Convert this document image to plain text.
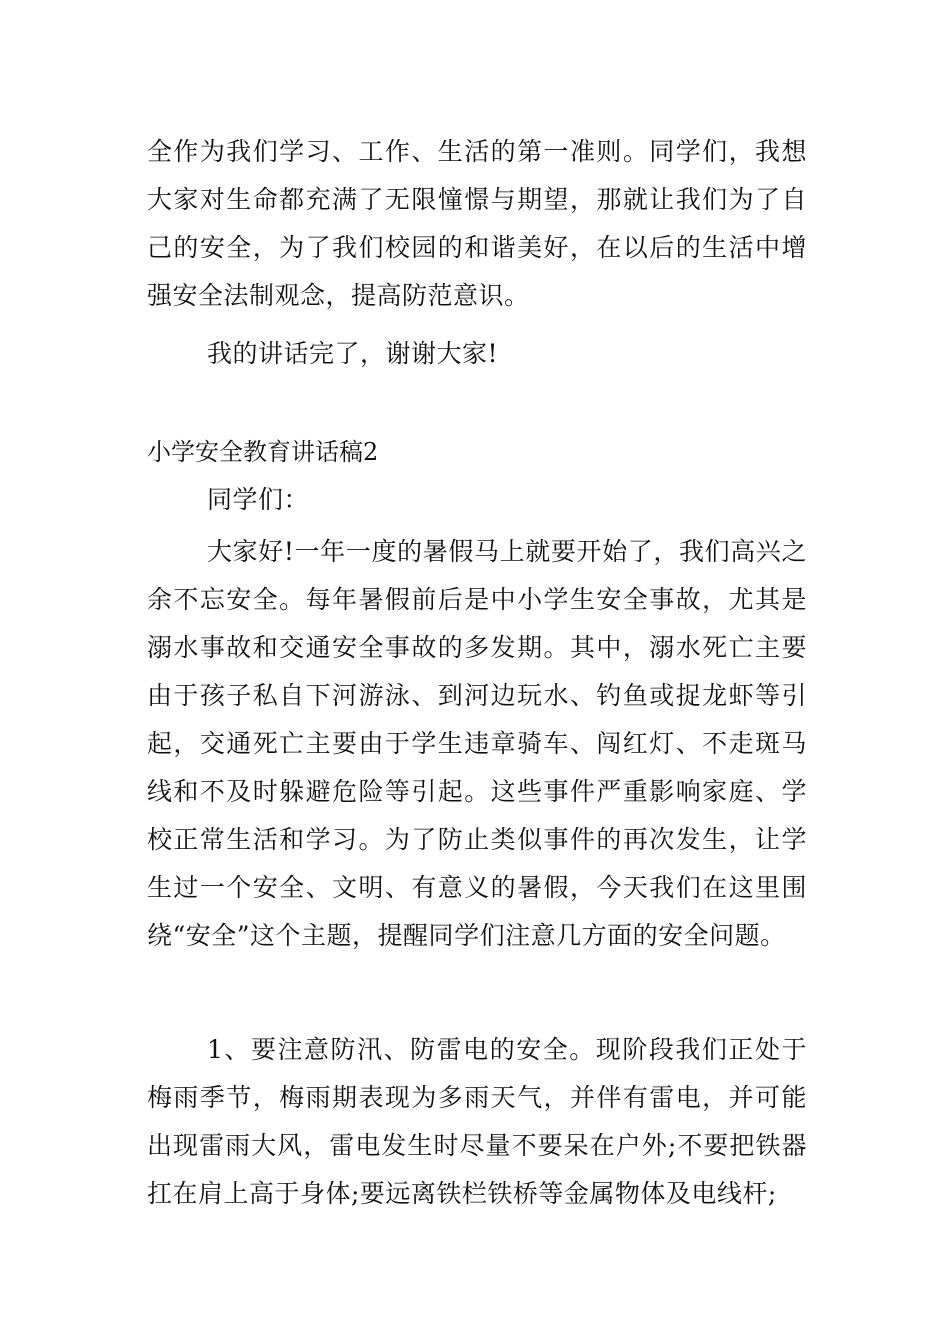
全作为我们学习、工作、生活的第一准则。同学们，我想大家对生命都充满了无限憧憬与期望，那就让我们为了自己的安全，为了我们校园的和谐美好，在以后的生活中增强安全法制观念，提高防范意识。

我的讲话完了，谢谢大家!

小学安全教育讲话稿2

同学们：

大家好!一年一度的暑假马上就要开始了，我们高兴之余不忘安全。每年暑假前后是中小学生安全事故，尤其是溺水事故和交通安全事故的多发期。其中，溺水死亡主要由于孩子私自下河游泳、到河边玩水、钓鱼或捉龙虾等引起，交通死亡主要由于学生违章骑车、闯红灯、不走斑马线和不及时躲避危险等引起。这些事件严重影响家庭、学校正常生活和学习。为了防止类似事件的再次发生，让学生过一个安全、文明、有意义的暑假，今天我们在这里围绕“安全”这个主题，提醒同学们注意几方面的安全问题。

1、要注意防汛、防雷电的安全。现阶段我们正处于梅雨季节，梅雨期表现为多雨天气，并伴有雷电，并可能出现雷雨大风，雷电发生时尽量不要呆在户外;不要把铁器扛在肩上高于身体;要远离铁栏铁桥等金属物体及电线杆;
